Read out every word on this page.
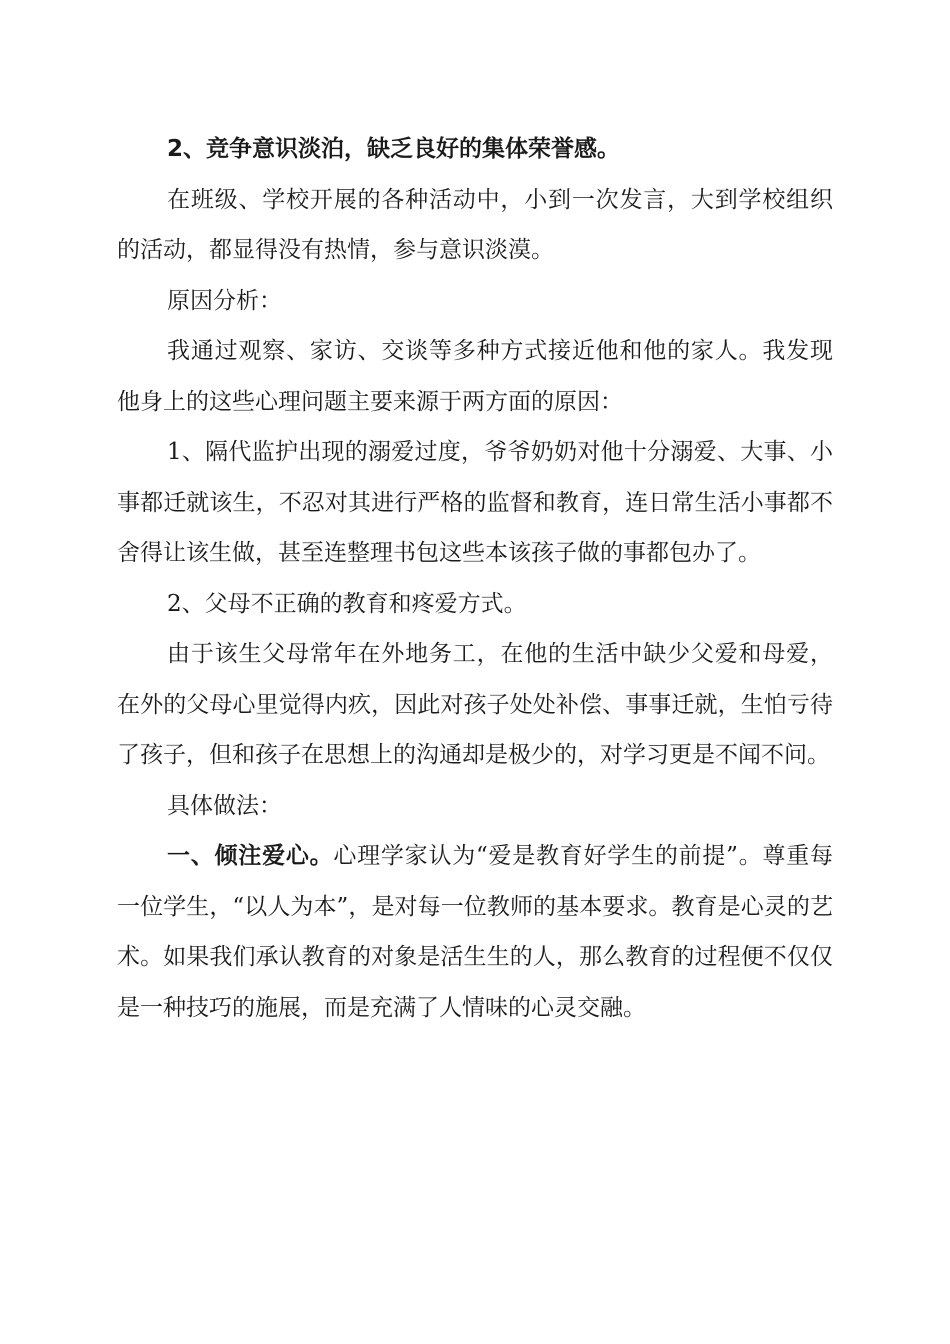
2、竞争意识淡泊，缺乏良好的集体荣誉感。

在班级、学校开展的各种活动中，小到一次发言，大到学校组织的活动，都显得没有热情，参与意识淡漠。

原因分析：

我通过观察、家访、交谈等多种方式接近他和他的家人。我发现他身上的这些心理问题主要来源于两方面的原因：

1、隔代监护出现的溺爱过度，爷爷奶奶对他十分溺爱、大事、小事都迁就该生，不忍对其进行严格的监督和教育，连日常生活小事都不舍得让该生做，甚至连整理书包这些本该孩子做的事都包办了。

2、父母不正确的教育和疼爱方式。

由于该生父母常年在外地务工，在他的生活中缺少父爱和母爱，在外的父母心里觉得内疚，因此对孩子处处补偿、事事迁就，生怕亏待了孩子，但和孩子在思想上的沟通却是极少的，对学习更是不闻不问。

具体做法：

一、倾注爱心。心理学家认为“爱是教育好学生的前提”。尊重每一位学生，“以人为本”，是对每一位教师的基本要求。教育是心灵的艺术。如果我们承认教育的对象是活生生的人，那么教育的过程便不仅仅是一种技巧的施展，而是充满了人情味的心灵交融。
